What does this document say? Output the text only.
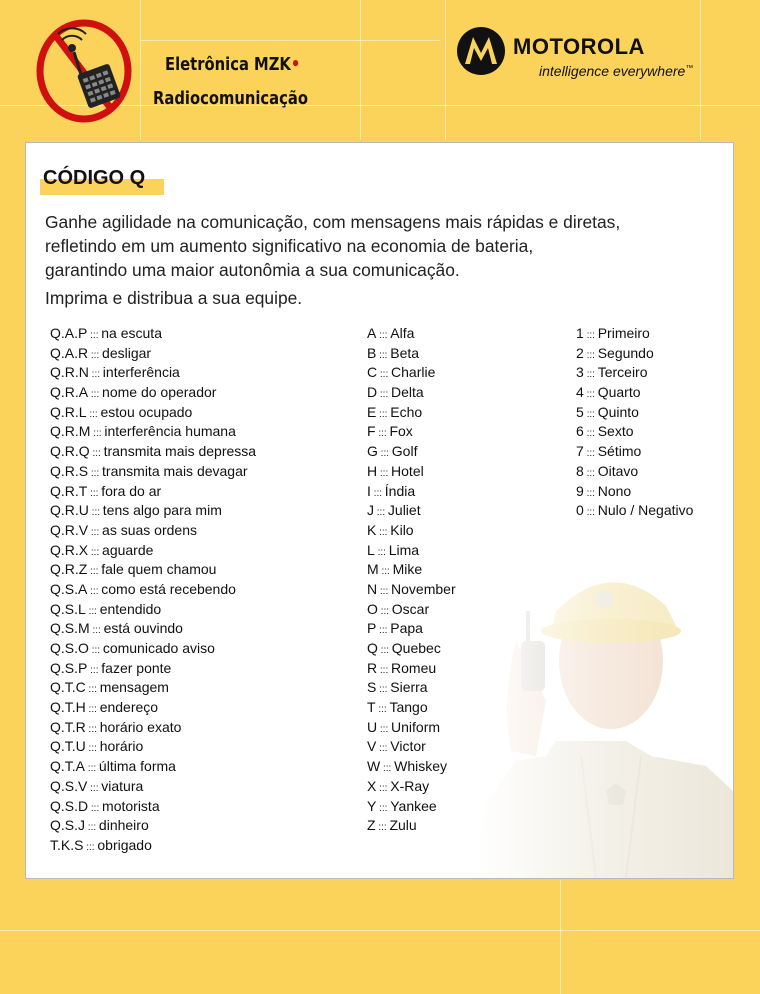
Eletrônica MZK•
Radiocomunicação
MOTOROLA
intelligence everywhere™
CÓDIGO Q

Ganhe agilidade na comunicação, com mensagens mais rápidas e diretas,

refletindo em um aumento significativo na economia de bateria,

garantindo uma maior autonômia a sua comunicação.

Imprima e distribua a sua equipe.

Q.A.P ::: na escuta
Q.A.R ::: desligar
Q.R.N ::: interferência
Q.R.A ::: nome do operador
Q.R.L ::: estou ocupado
Q.R.M ::: interferência humana
Q.R.Q ::: transmita mais depressa
Q.R.S ::: transmita mais devagar
Q.R.T ::: fora do ar
Q.R.U ::: tens algo para mim
Q.R.V ::: as suas ordens
Q.R.X ::: aguarde
Q.R.Z ::: fale quem chamou
Q.S.A ::: como está recebendo
Q.S.L ::: entendido
Q.S.M ::: está ouvindo
Q.S.O ::: comunicado aviso
Q.S.P ::: fazer ponte
Q.T.C ::: mensagem
Q.T.H ::: endereço
Q.T.R ::: horário exato
Q.T.U ::: horário
Q.T.A ::: última forma
Q.S.V ::: viatura
Q.S.D ::: motorista
Q.S.J ::: dinheiro
T.K.S ::: obrigado
A ::: Alfa
B ::: Beta
C ::: Charlie
D ::: Delta
E ::: Echo
F ::: Fox
G ::: Golf
H ::: Hotel
I ::: Índia
J ::: Juliet
K ::: Kilo
L ::: Lima
M ::: Mike
N ::: November
O ::: Oscar
P ::: Papa
Q ::: Quebec
R ::: Romeu
S ::: Sierra
T ::: Tango
U ::: Uniform
V ::: Victor
W ::: Whiskey
X ::: X-Ray
Y ::: Yankee
Z ::: Zulu
1 ::: Primeiro
2 ::: Segundo
3 ::: Terceiro
4 ::: Quarto
5 ::: Quinto
6 ::: Sexto
7 ::: Sétimo
8 ::: Oitavo
9 ::: Nono
0 ::: Nulo / Negativo
